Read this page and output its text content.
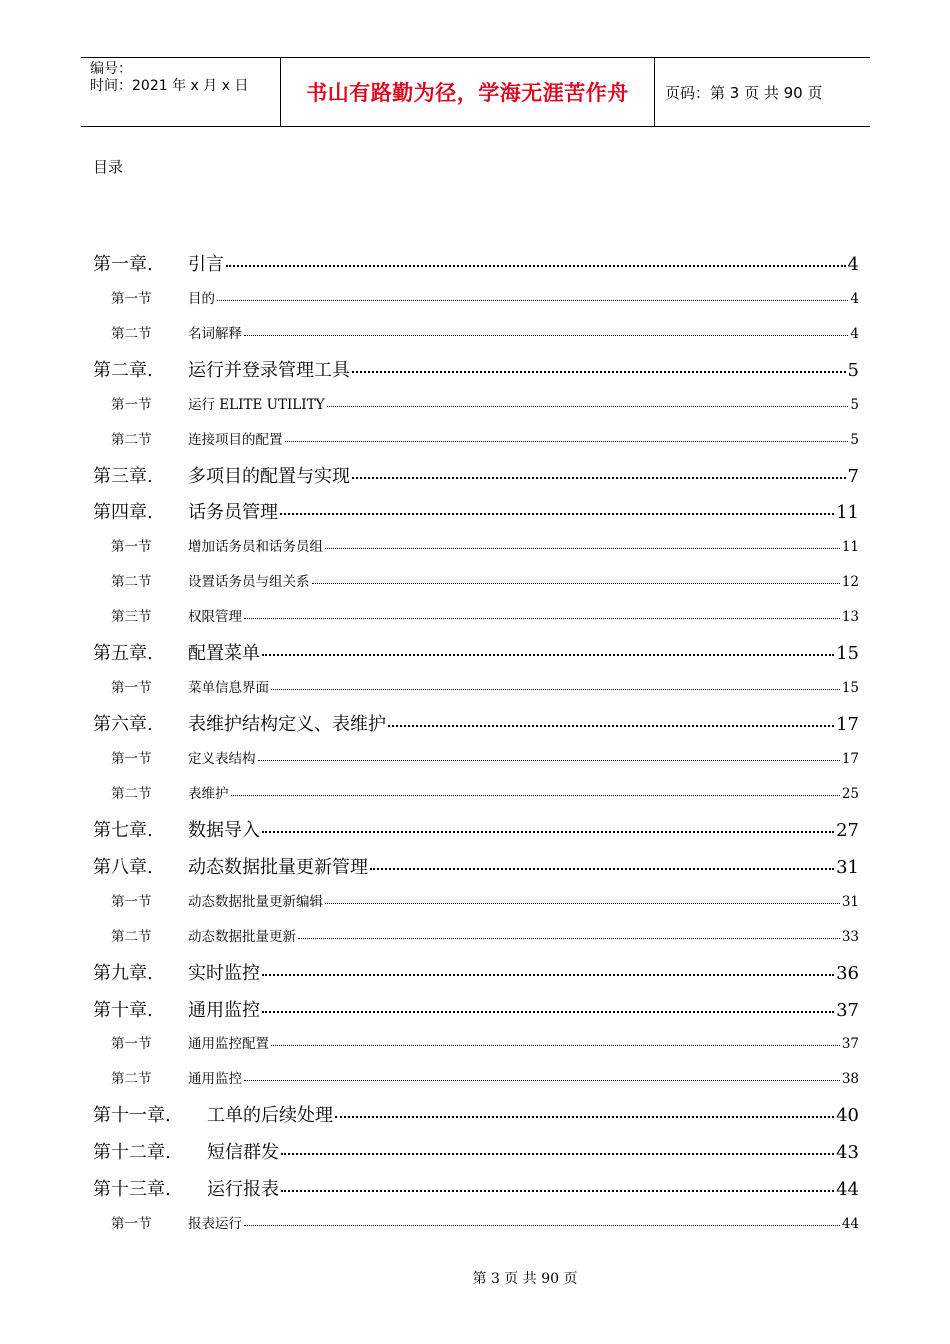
编号：
时间：2021 年 x 月 x 日	书山有路勤为径，学海无涯苦作舟	页码：第 3 页 共 90 页
目录
第一章.	引言	4
第一节	目的	4
第二节	名词解释	4
第二章.	运行并登录管理工具	5
第一节	运行 ELITE UTILITY	5
第二节	连接项目的配置	5
第三章.	多项目的配置与实现	7
第四章.	话务员管理	11
第一节	增加话务员和话务员组	11
第二节	设置话务员与组关系	12
第三节	权限管理	13
第五章.	配置菜单	15
第一节	菜单信息界面	15
第六章.	表维护结构定义、表维护	17
第一节	定义表结构	17
第二节	表维护	25
第七章.	数据导入	27
第八章.	动态数据批量更新管理	31
第一节	动态数据批量更新编辑	31
第二节	动态数据批量更新	33
第九章.	实时监控	36
第十章.	通用监控	37
第一节	通用监控配置	37
第二节	通用监控	38
第十一章.	工单的后续处理	40
第十二章.	短信群发	43
第十三章.	运行报表	44
第一节	报表运行	44
第 3 页 共 90 页
